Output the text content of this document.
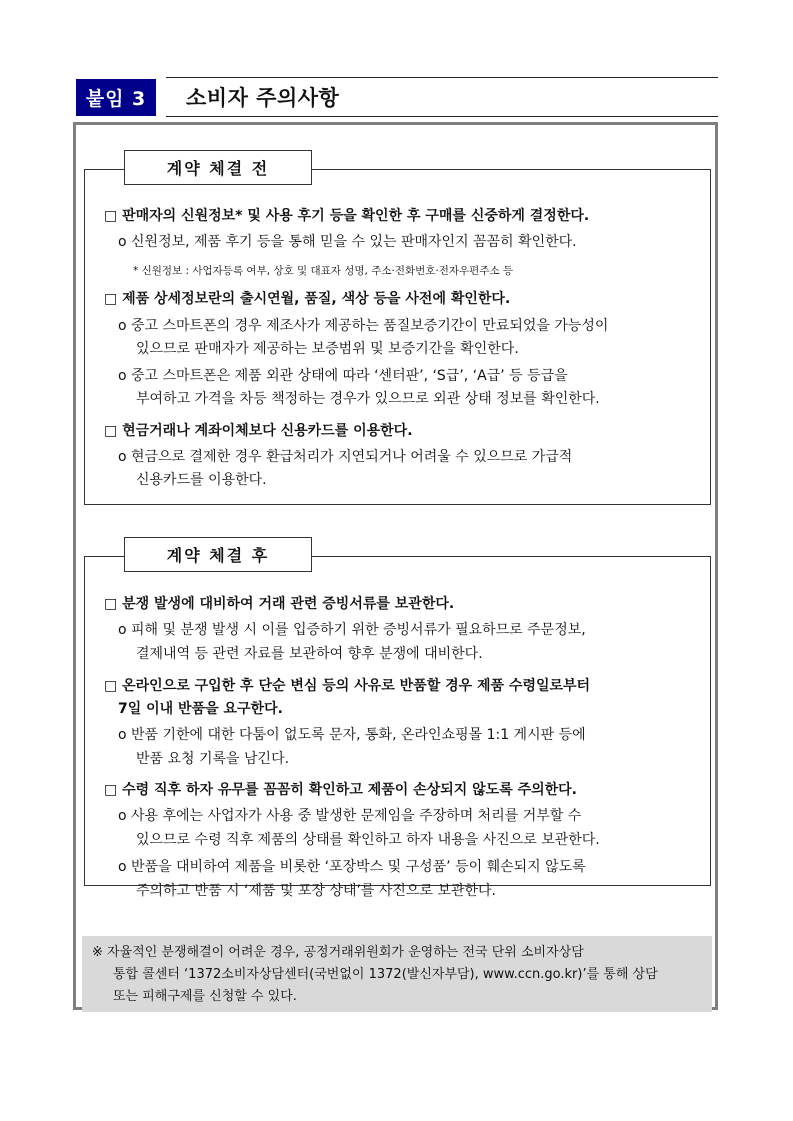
붙임 3	소비자 주의사항
계약 체결 전
□ 판매자의 신원정보* 및 사용 후기 등을 확인한 후 구매를 신중하게 결정한다.
o 신원정보, 제품 후기 등을 통해 믿을 수 있는 판매자인지 꼼꼼히 확인한다.
* 신원정보 : 사업자등록 여부, 상호 및 대표자 성명, 주소·전화번호·전자우편주소 등
□ 제품 상세정보란의 출시연월, 품질, 색상 등을 사전에 확인한다.
o 중고 스마트폰의 경우 제조사가 제공하는 품질보증기간이 만료되었을 가능성이
있으므로 판매자가 제공하는 보증범위 및 보증기간을 확인한다.
o 중고 스마트폰은 제품 외관 상태에 따라 ‘센터판’, ‘S급’, ‘A급’ 등 등급을
부여하고 가격을 차등 책정하는 경우가 있으므로 외관 상태 정보를 확인한다.
□ 현금거래나 계좌이체보다 신용카드를 이용한다.
o 현금으로 결제한 경우 환급처리가 지연되거나 어려울 수 있으므로 가급적
신용카드를 이용한다.
계약 체결 후
□ 분쟁 발생에 대비하여 거래 관련 증빙서류를 보관한다.
o 피해 및 분쟁 발생 시 이를 입증하기 위한 증빙서류가 필요하므로 주문정보,
결제내역 등 관련 자료를 보관하여 향후 분쟁에 대비한다.
□ 온라인으로 구입한 후 단순 변심 등의 사유로 반품할 경우 제품 수령일로부터
7일 이내 반품을 요구한다.
o 반품 기한에 대한 다툼이 없도록 문자, 통화, 온라인쇼핑몰 1:1 게시판 등에
반품 요청 기록을 남긴다.
□ 수령 직후 하자 유무를 꼼꼼히 확인하고 제품이 손상되지 않도록 주의한다.
o 사용 후에는 사업자가 사용 중 발생한 문제임을 주장하며 처리를 거부할 수
있으므로 수령 직후 제품의 상태를 확인하고 하자 내용을 사진으로 보관한다.
o 반품을 대비하여 제품을 비롯한 ‘포장박스 및 구성품’ 등이 훼손되지 않도록
주의하고 반품 시 ‘제품 및 포장 상태’를 사진으로 보관한다.
※ 자율적인 분쟁해결이 어려운 경우, 공정거래위원회가 운영하는 전국 단위 소비자상담
통합 콜센터 ‘1372소비자상담센터(국번없이 1372(발신자부담), www.ccn.go.kr)’를 통해 상담
또는 피해구제를 신청할 수 있다.
